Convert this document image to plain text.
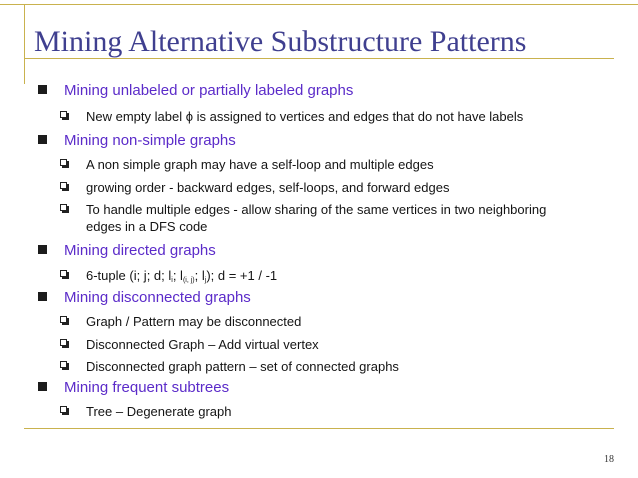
Mining Alternative Substructure Patterns
Mining unlabeled or partially labeled graphs
New empty label ϕ is assigned to vertices and edges that do not have labels
Mining non-simple graphs
A non simple graph may have a self-loop and multiple edges
growing order - backward edges, self-loops, and forward edges
To handle multiple edges - allow sharing of the same vertices in two neighboring
edges in a DFS code
Mining directed graphs
6-tuple (i; j; d; $l_i$; $l_{(i, j)}$; $l_j$); d = +1 / -1
Mining disconnected graphs
Graph / Pattern may be disconnected
Disconnected Graph – Add virtual vertex
Disconnected graph pattern – set of connected graphs
Mining frequent subtrees
Tree – Degenerate graph
18
